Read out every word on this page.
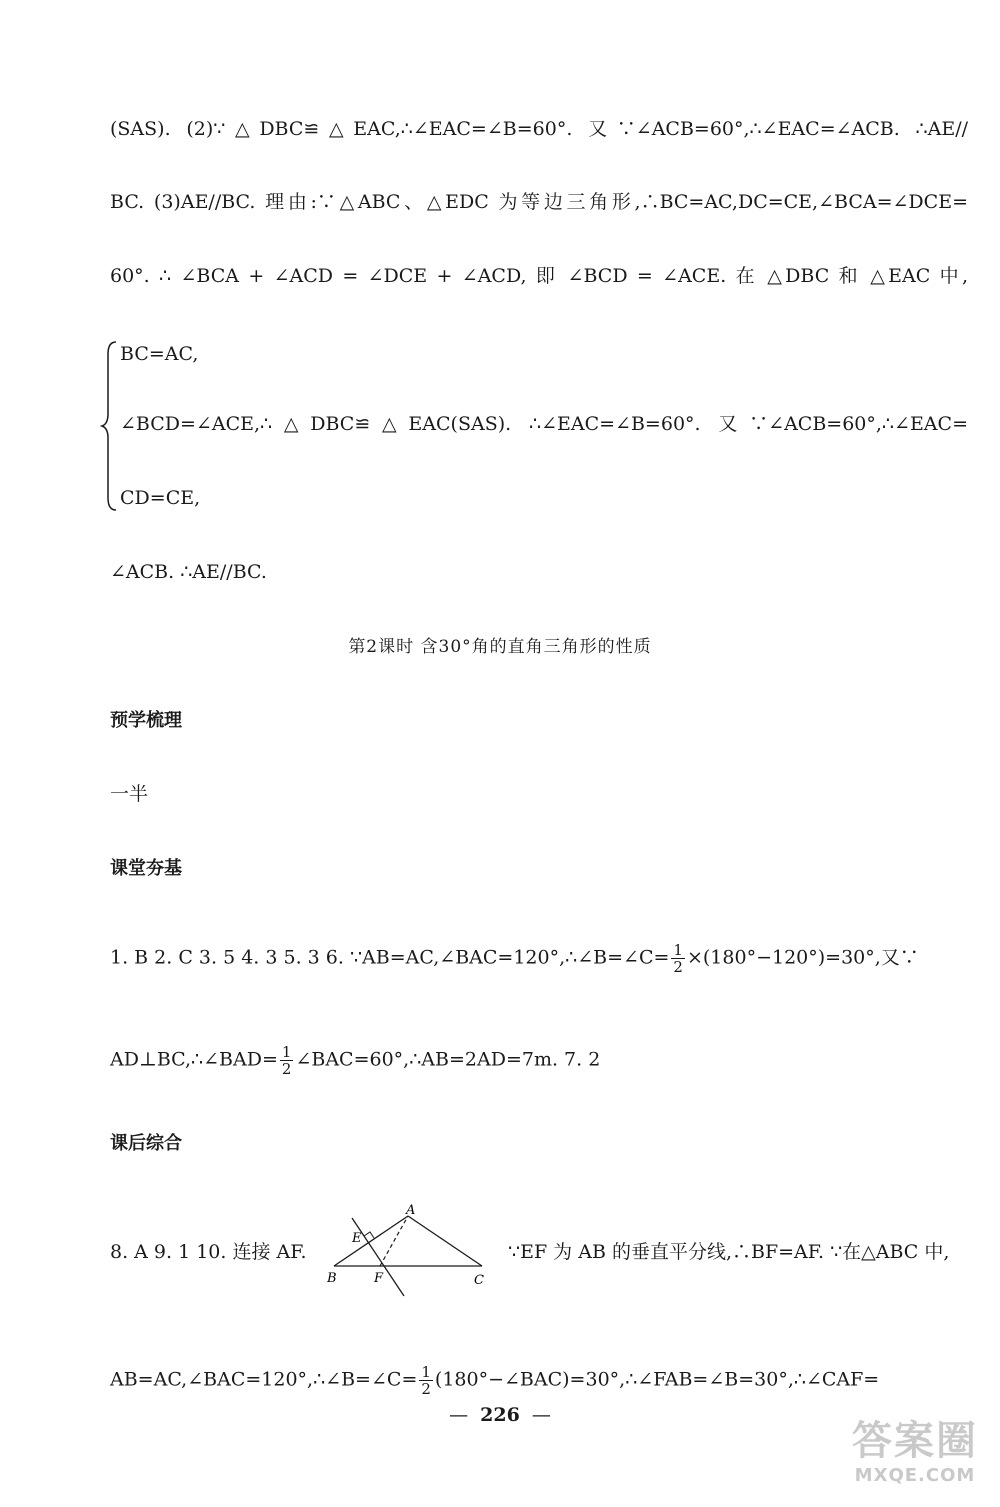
(SAS). (2)∵△DBC≌△EAC,∴∠EAC=∠B=60°. 又∵∠ACB=60°,∴∠EAC=∠ACB. ∴AE//
BC. (3)AE//BC. 理由:∵△ABC、△EDC 为等边三角形,∴BC=AC,DC=CE,∠BCA=∠DCE=
60°. ∴ ∠BCA + ∠ACD = ∠DCE + ∠ACD, 即 ∠BCD = ∠ACE. 在 △DBC 和 △EAC 中,
BC=AC,
∠BCD=∠ACE,∴△DBC≌△EAC(SAS). ∴∠EAC=∠B=60°. 又∵∠ACB=60°,∴∠EAC=
CD=CE,
∠ACB. ∴AE//BC.
第2课时 含30°角的直角三角形的性质
预学梳理
一半
课堂夯基
1. B 2. C 3. 5 4. 3 5. 3 6. ∵AB=AC,∠BAC=120°,∴∠B=∠C= $\frac{1}{2} \times(180^\circ-120^\circ)=30^\circ$,又∵
AD⊥BC,∴∠BAD= $\frac{1}{2}$ ∠BAC=60°,∴AB=2AD=7m. 7. 2
课后综合
8. A 9. 1 10. 连接 AF.
A
E
B	F	C
∵EF 为 AB 的垂直平分线,∴BF=AF. ∵在△ABC 中,
AB=AC,∠BAC=120°,∴∠B=∠C= $\frac{1}{2}$ (180°−∠BAC)=30°,∴∠FAB=∠B=30°,∴∠CAF=
— 226 —
答案圈
MXQE.COM
